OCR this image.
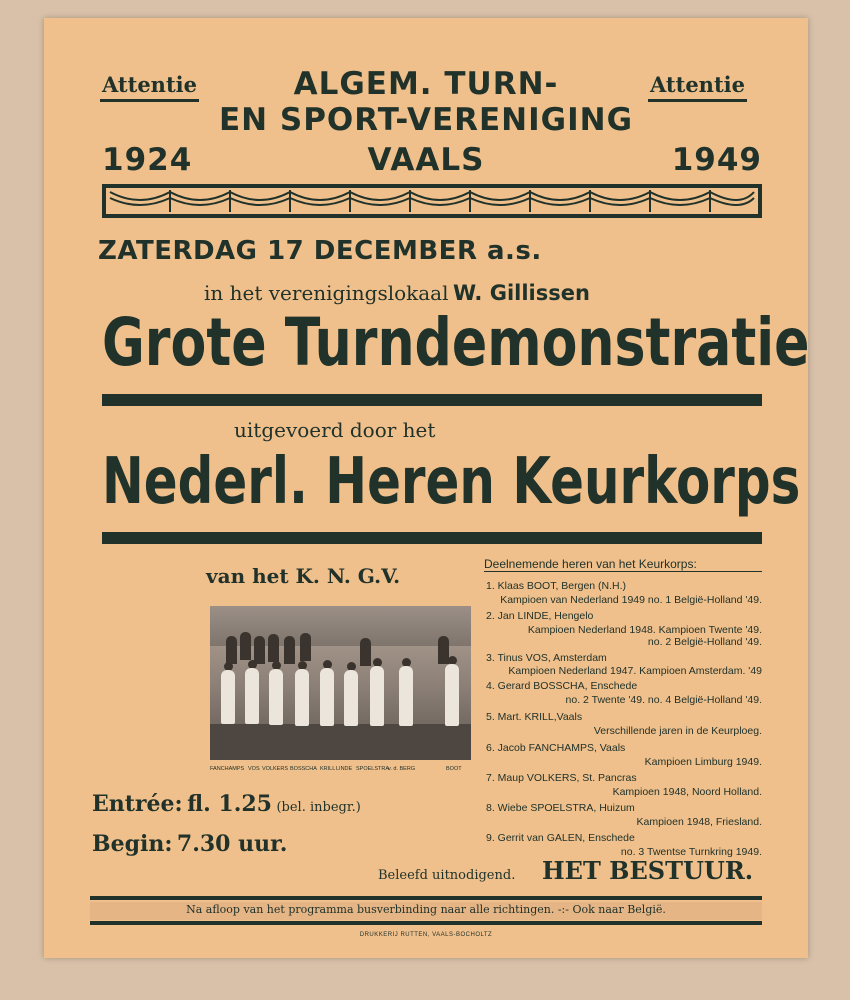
Attentie	Attentie
ALGEM. TURN-
EN SPORT-VERENIGING
1924	VAALS	1949
ZATERDAG 17 DECEMBER a.s.
in het verenigingslokaal W. Gillissen
Grote Turndemonstratie
uitgevoerd door het
Nederl. Heren Keurkorps
van het K. N. G.V.	Deelnemende heren van het Keurkorps:
1. Klaas BOOT, Bergen (N.H.)
Kampioen van Nederland 1949 no. 1 België-Holland '49.
2. Jan LINDE, Hengelo
Kampioen Nederland 1948. Kampioen Twente '49.
no. 2 België-Holland '49.
3. Tinus VOS, Amsterdam
Kampioen Nederland 1947. Kampioen Amsterdam. '49
4. Gerard BOSSCHA, Enschede
no. 2 Twente '49. no. 4 België-Holland '49.
5. Mart. KRILL,Vaals
Verschillende jaren in de Keurploeg.
6. Jacob FANCHAMPS, Vaals
Kampioen Limburg 1949.
7. Maup VOLKERS, St. Pancras
Kampioen 1948, Noord Holland.
8. Wiebe SPOELSTRA, Huizum
Kampioen 1948, Friesland.
9. Gerrit van GALEN, Enschede
no. 3 Twentse Turnkring 1949.
FANCHAMPS VOS VOLKERS BOSSCHA KRILL LINDE SPOELSTRA
v. d. BERG	BOOT
Entrée: fl. 1.25 (bel. inbegr.)
Begin: 7.30 uur.
Beleefd uitnodigend. HET BESTUUR.
Na afloop van het programma busverbinding naar alle richtingen. -:- Ook naar België.
DRUKKERIJ RUTTEN, VAALS-BOCHOLTZ
